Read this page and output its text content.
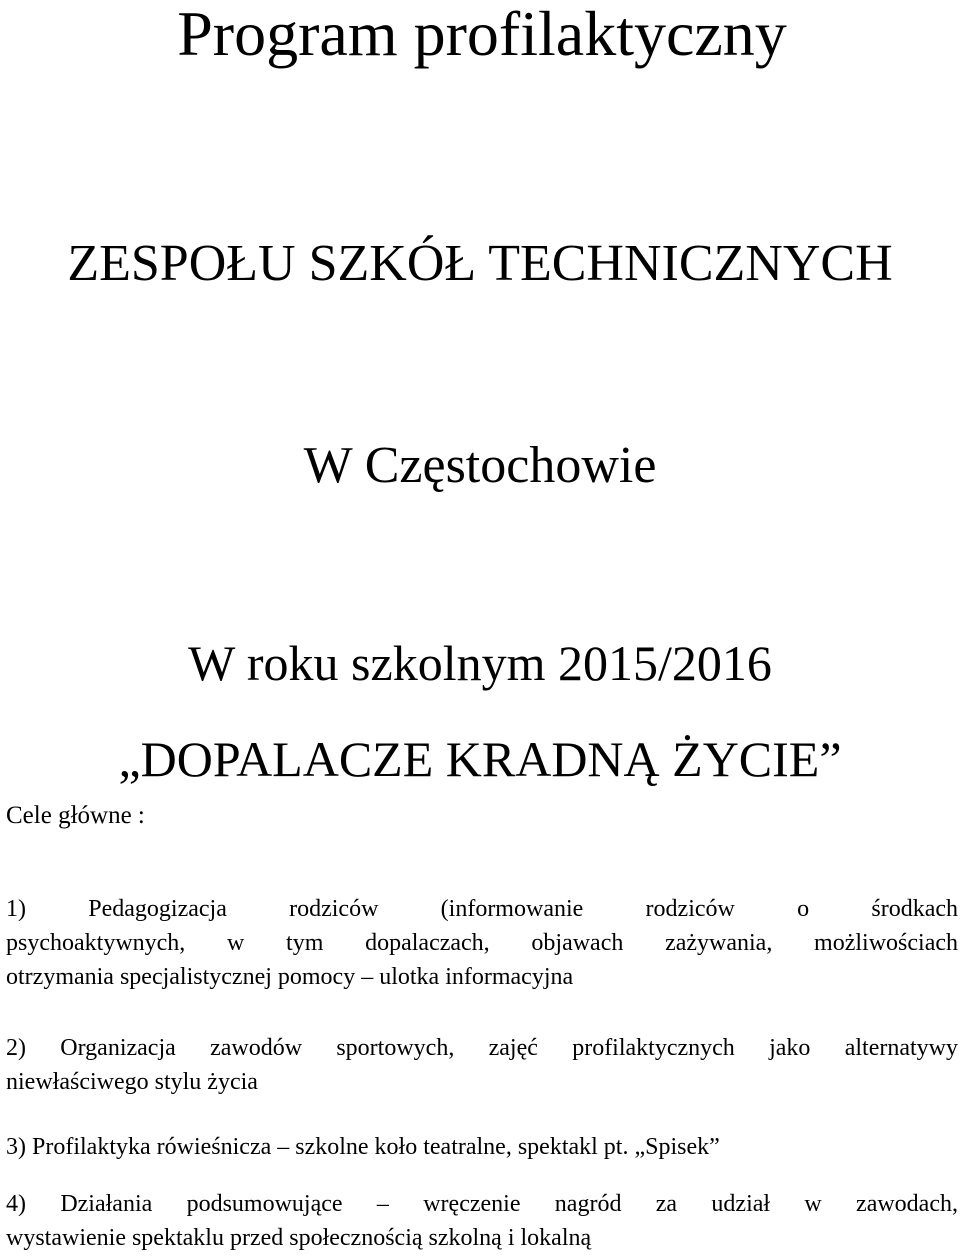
Program profilaktyczny
ZESPOŁU SZKÓŁ TECHNICZNYCH
W Częstochowie
W roku szkolnym 2015/2016
„DOPALACZE KRADNĄ ŻYCIE”

Cele główne :

1) Pedagogizacja rodziców (informowanie rodziców o środkach
psychoaktywnych, w tym dopalaczach, objawach zażywania, możliwościach
otrzymania specjalistycznej pomocy – ulotka informacyjna
2) Organizacja zawodów sportowych, zajęć profilaktycznych jako alternatywy
niewłaściwego stylu życia
3) Profilaktyka rówieśnicza – szkolne koło teatralne, spektakl pt. „Spisek”
4) Działania podsumowujące – wręczenie nagród za udział w zawodach,
wystawienie spektaklu przed społecznością szkolną i lokalną
